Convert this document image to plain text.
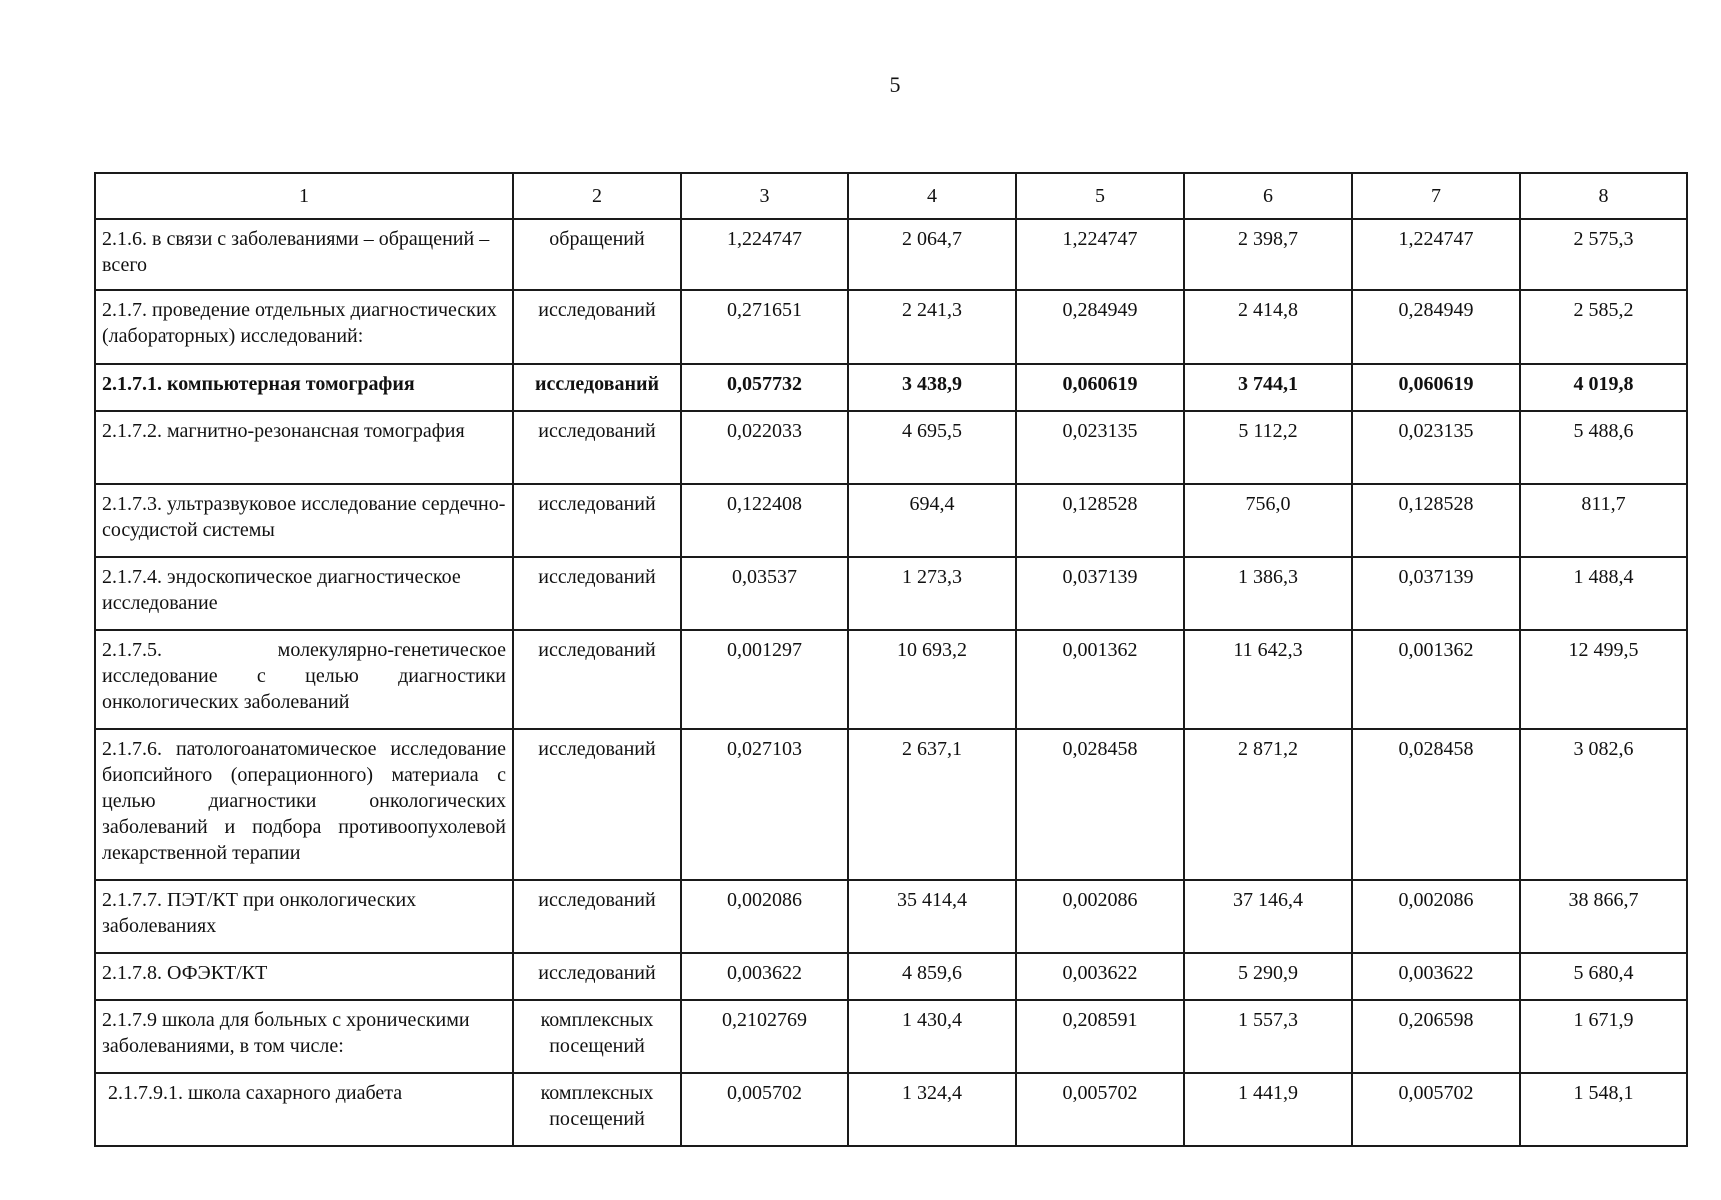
5
1	2	3	4	5	6	7	8
2.1.6. в связи с заболеваниями – обращений – всего	обращений	1,224747	2 064,7	1,224747	2 398,7	1,224747	2 575,3
2.1.7. проведение отдельных диагностических (лабораторных) исследований:	исследований	0,271651	2 241,3	0,284949	2 414,8	0,284949	2 585,2
2.1.7.1. компьютерная томография	исследований	0,057732	3 438,9	0,060619	3 744,1	0,060619	4 019,8
2.1.7.2. магнитно-резонансная томография	исследований	0,022033	4 695,5	0,023135	5 112,2	0,023135	5 488,6
2.1.7.3. ультразвуковое исследование сердечно-сосудистой системы	исследований	0,122408	694,4	0,128528	756,0	0,128528	811,7
2.1.7.4. эндоскопическое диагностическое исследование	исследований	0,03537	1 273,3	0,037139	1 386,3	0,037139	1 488,4
2.1.7.5. молекулярно-генетическое исследование с целью диагностики онкологических заболеваний	исследований	0,001297	10 693,2	0,001362	11 642,3	0,001362	12 499,5
2.1.7.6. патологоанатомическое исследование биопсийного (операционного) материала с целью диагностики онкологических заболеваний и подбора противоопухолевой лекарственной терапии	исследований	0,027103	2 637,1	0,028458	2 871,2	0,028458	3 082,6
2.1.7.7. ПЭТ/КТ при онкологических заболеваниях	исследований	0,002086	35 414,4	0,002086	37 146,4	0,002086	38 866,7
2.1.7.8. ОФЭКТ/КТ	исследований	0,003622	4 859,6	0,003622	5 290,9	0,003622	5 680,4
2.1.7.9 школа для больных с хроническими заболеваниями, в том числе:	комплексных посещений	0,2102769	1 430,4	0,208591	1 557,3	0,206598	1 671,9
2.1.7.9.1. школа сахарного диабета	комплексных посещений	0,005702	1 324,4	0,005702	1 441,9	0,005702	1 548,1
